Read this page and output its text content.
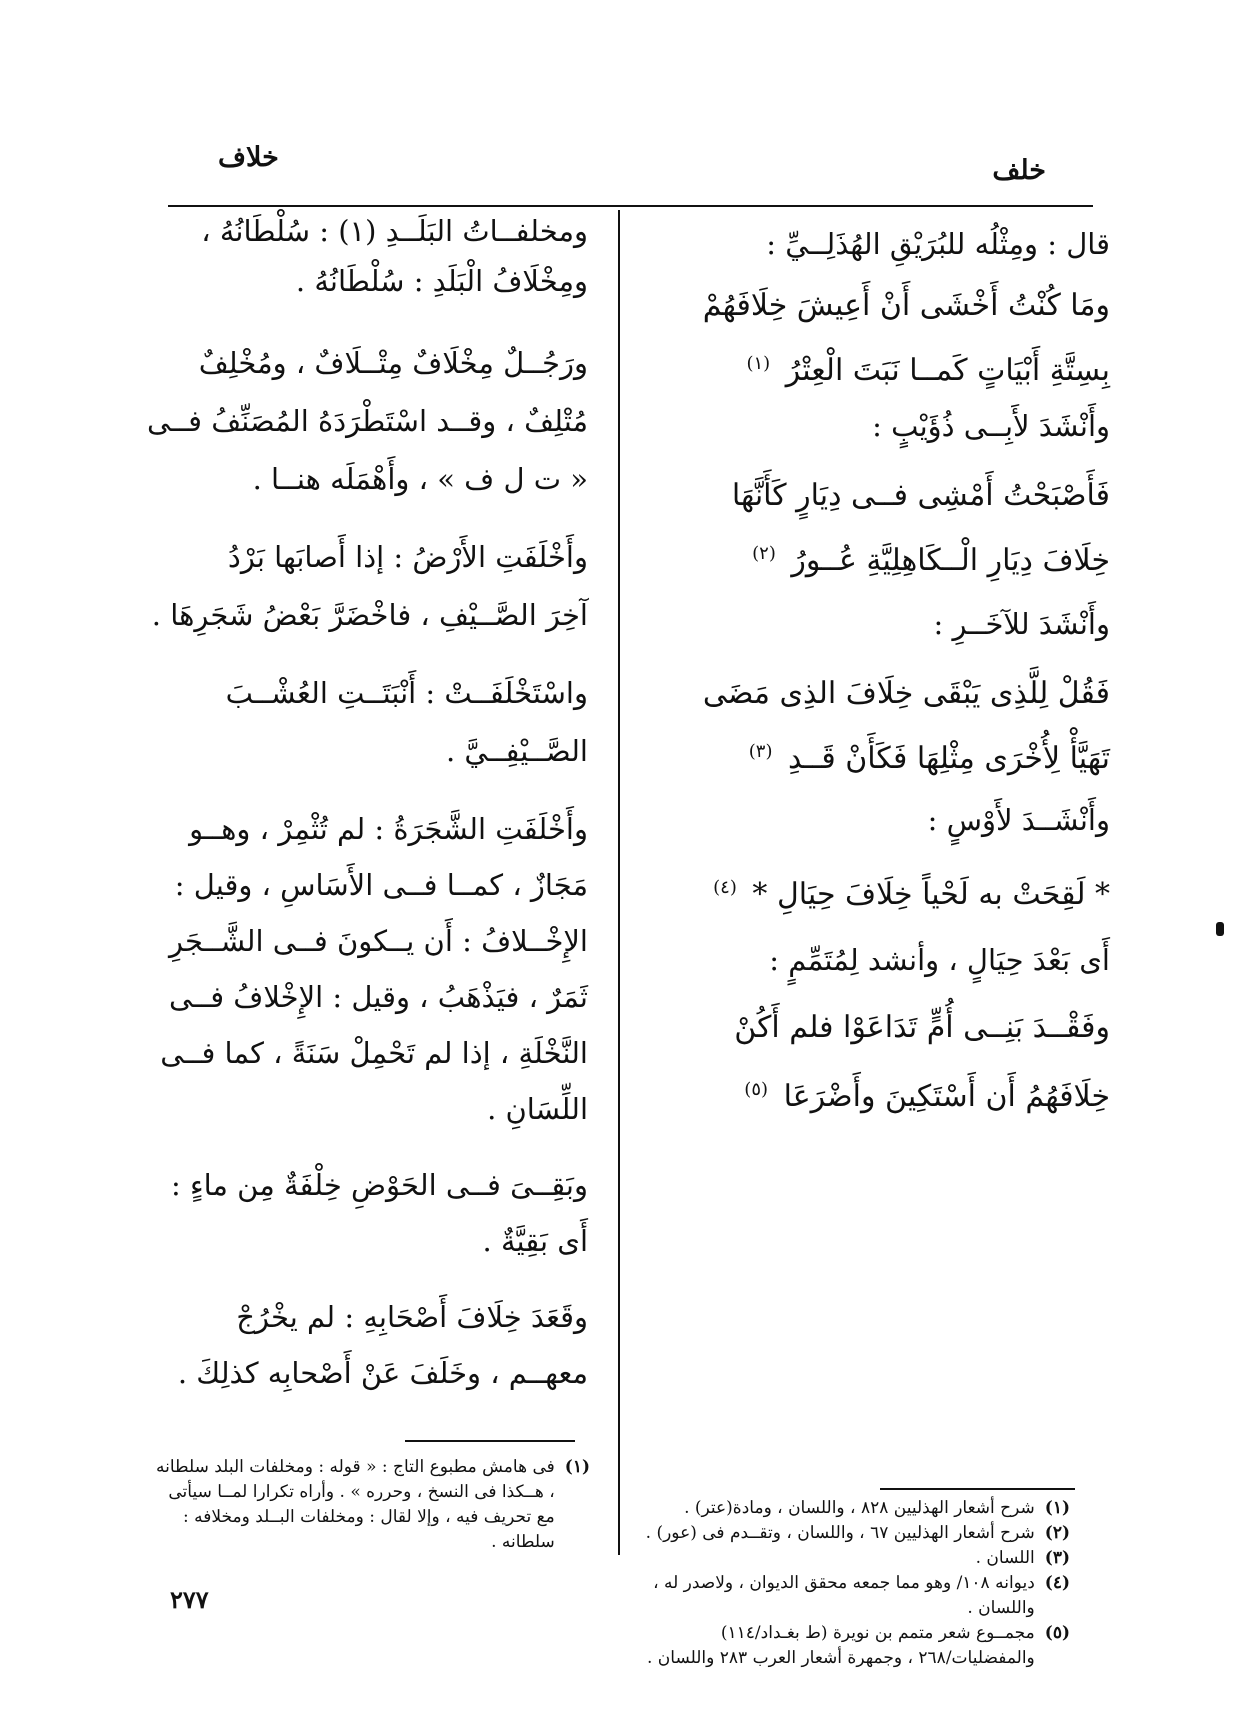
خلف
خلاف
قال : ومِثْلُه للبُرَيْقِ الهُذَلِــيِّ :
ومَا كُنْتُ أَخْشَى أَنْ أَعِيشَ خِلَافَهُمْ
بِسِتَّةِ أَبْيَاتٍ كَمــا نَبَتَ الْعِتْرُ $^{(١)}$
وأَنْشَدَ لأَبِــى ذُؤَيْبٍ :
فَأَصْبَحْتُ أَمْشِى فــى دِيَارٍ كَأَنَّهَا
خِلَافَ دِيَارِ الْــكَاهِلِيَّةِ عُــورُ $^{(٢)}$
وأَنْشَدَ للآخَــرِ :
فَقُلْ لِلَّذِى يَبْقَى خِلَافَ الذِى مَضَى
تَهَيَّأْ لِأُخْرَى مِثْلِهَا فَكَأَنْ قَــدِ $^{(٣)}$
وأَنْشَــدَ لأَوْسٍ :
* لَقِحَتْ به لَحْياً خِلَافَ حِيَالِ * $^{(٤)}$
أَى بَعْدَ حِيَالٍ ، وأنشد لِمُتَمِّمٍ :
وفَقْــدَ بَنِــى أُمٍّ تَدَاعَوْا فلم أَكُنْ
خِلَافَهُمُ أَن أَسْتَكِينَ وأَضْرَعَا $^{(٥)}$
ومخلفــاتُ البَلَــدِ (١) : سُلْطَانُهُ ،
ومِخْلَافُ الْبَلَدِ : سُلْطَانُهُ .
ورَجُــلٌ مِخْلَافٌ مِتْــلَافٌ ، ومُخْلِفٌ
مُتْلِفٌ ، وقــد اسْتَطْرَدَهُ المُصَنِّفُ فــى
« ت ل ف » ، وأَهْمَلَه هنــا .
وأَخْلَفَتِ الأَرْضُ : إذا أَصابَها بَرْدُ
آخِرَ الصَّــيْفِ ، فاخْضَرَّ بَعْضُ شَجَرِهَا .
واسْتَخْلَفَــتْ : أَنْبَتَــتِ العُشْــبَ
الصَّــيْفِــيَّ .
وأَخْلَفَتِ الشَّجَرَةُ : لم تُثْمِرْ ، وهــو
مَجَازٌ ، كمــا فــى الأَسَاسِ ، وقيل :
الإِخْــلافُ : أَن يــكونَ فــى الشَّــجَرِ
ثَمَرٌ ، فيَذْهَبُ ، وقيل : الإِخْلافُ فــى
النَّخْلَةِ ، إذا لم تَحْمِلْ سَنَةً ، كما فــى
اللِّسَانِ .
وبَقِــىَ فــى الحَوْضِ خِلْفَةٌ مِن ماءٍ :
أَى بَقِيَّةٌ .
وقَعَدَ خِلَافَ أَصْحَابِهِ : لم يخْرُجْ
معهــم ، وخَلَفَ عَنْ أَصْحابِه كذلِكَ .
(١)
شرح أشعار الهذليين ٨٢٨ ، واللسان ، ومادة(عتر) .
(٢)
شرح أشعار الهذليين ٦٧ ، واللسان ، وتقــدم فى (عور) .
(٣)
اللسان .
(٤)
ديوانه ١٠٨/ وهو مما جمعه محقق الديوان ، ولاصدر له ، واللسان .
(٥)
مجمــوع شعر متمم بن نويرة (ط بغـداد/١١٤) والمفضليات/٢٦٨ ، وجمهرة أشعار العرب ٢٨٣ واللسان .
(١)
فى هامش مطبوع التاج : « قوله : ومخلفات البلد سلطانه ، هــكذا فى النسخ ، وحرره » . وأراه تكرارا لمــا سيأتى مع تحريف فيه ، وإلا لقال : ومخلفات البــلد ومخلافه : سلطانه .
٢٧٧
